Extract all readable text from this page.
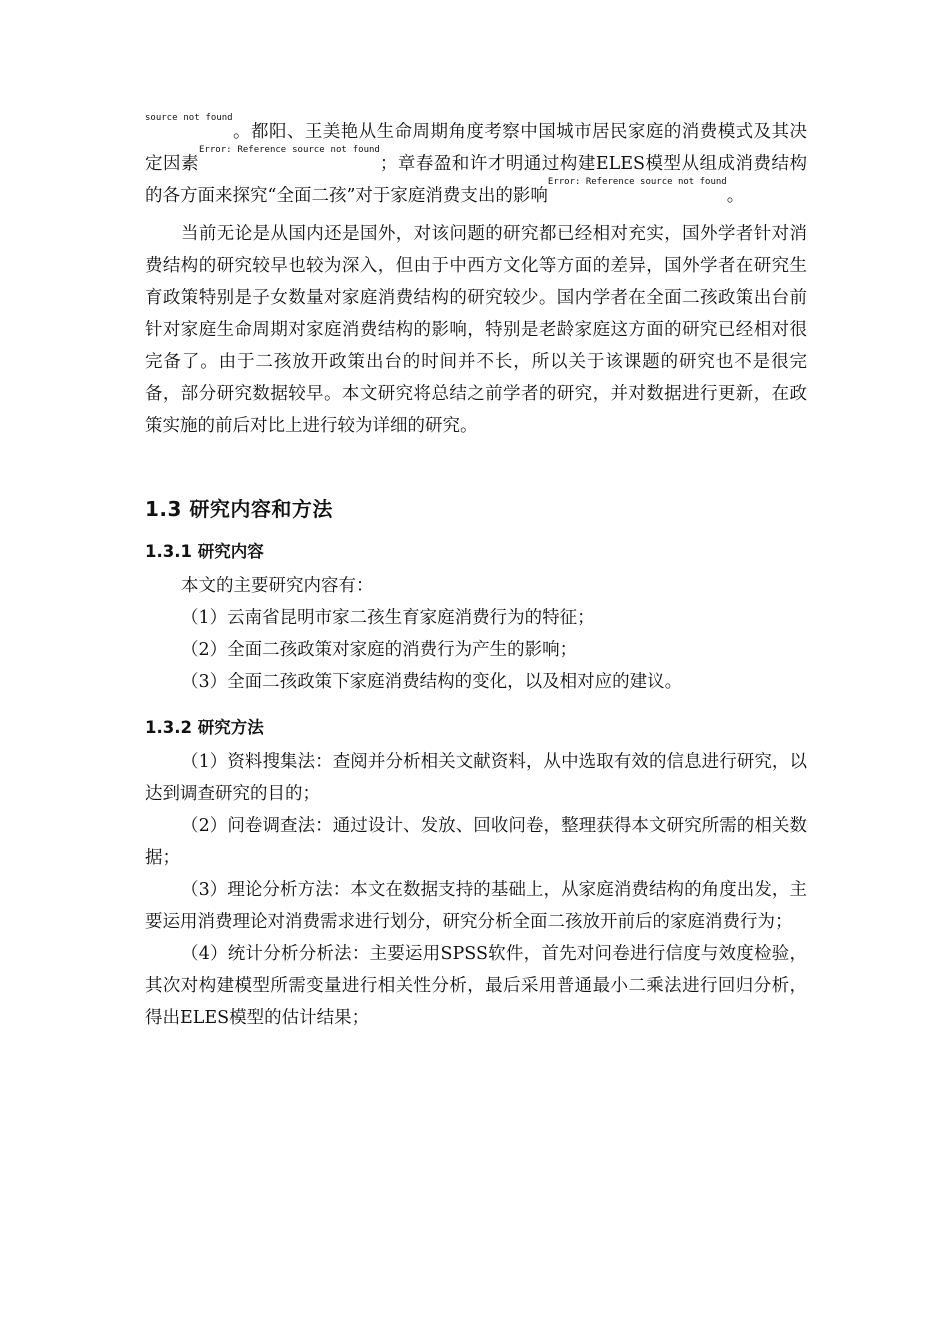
$^{source not found}$。都阳、王美艳从生命周期角度考察中国城市居民家庭的消费模式及其决定因素$^{Error: Reference source not found}$；章春盈和许才明通过构建ELES模型从组成消费结构的各方面来探究“全面二孩”对于家庭消费支出的影响$^{Error: Reference source not found}$。

当前无论是从国内还是国外，对该问题的研究都已经相对充实，国外学者针对消费结构的研究较早也较为深入，但由于中西方文化等方面的差异，国外学者在研究生育政策特别是子女数量对家庭消费结构的研究较少。国内学者在全面二孩政策出台前针对家庭生命周期对家庭消费结构的影响，特别是老龄家庭这方面的研究已经相对很完备了。由于二孩放开政策出台的时间并不长，所以关于该课题的研究也不是很完备，部分研究数据较早。本文研究将总结之前学者的研究，并对数据进行更新，在政策实施的前后对比上进行较为详细的研究。

1.3 研究内容和方法
1.3.1 研究内容

本文的主要研究内容有：

（1）云南省昆明市家二孩生育家庭消费行为的特征；

（2）全面二孩政策对家庭的消费行为产生的影响；

（3）全面二孩政策下家庭消费结构的变化，以及相对应的建议。

1.3.2 研究方法

（1）资料搜集法：查阅并分析相关文献资料，从中选取有效的信息进行研究，以达到调查研究的目的；

（2）问卷调查法：通过设计、发放、回收问卷，整理获得本文研究所需的相关数据；

（3）理论分析方法：本文在数据支持的基础上，从家庭消费结构的角度出发，主要运用消费理论对消费需求进行划分，研究分析全面二孩放开前后的家庭消费行为；

（4）统计分析分析法：主要运用SPSS软件，首先对问卷进行信度与效度检验，其次对构建模型所需变量进行相关性分析，最后采用普通最小二乘法进行回归分析，得出ELES模型的估计结果；
